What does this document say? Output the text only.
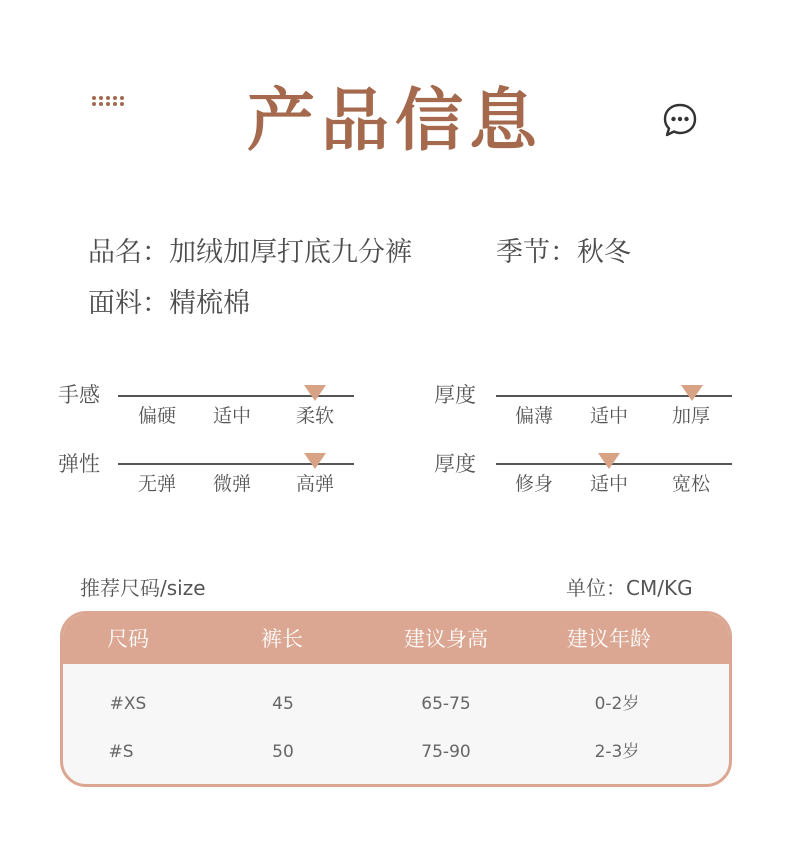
产品信息
品名：加绒加厚打底九分裤	季节：秋冬
面料：精梳棉
手感
偏硬	适中	柔软
厚度
偏薄	适中	加厚
弹性
无弹	微弹	高弹
厚度
修身	适中	宽松
推荐尺码/size	单位：CM/KG
尺码	裤长	建议身高	建议年龄
#XS	45	65-75	0-2岁
#S	50	75-90	2-3岁
